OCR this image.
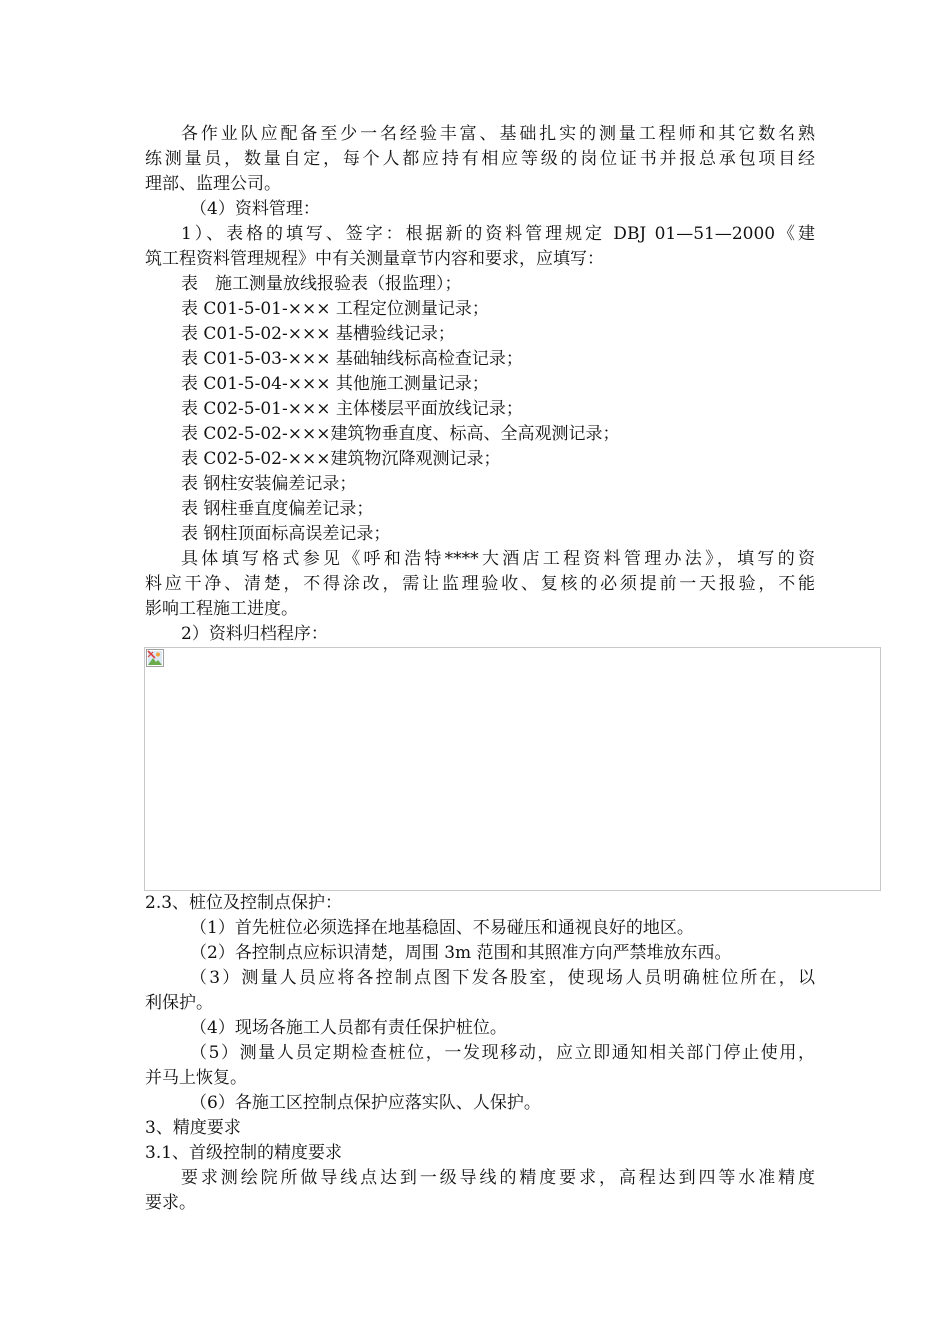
各作业队应配备至少一名经验丰富、基础扎实的测量工程师和其它数名熟
练测量员，数量自定，每个人都应持有相应等级的岗位证书并报总承包项目经
理部、监理公司。
（4）资料管理：
1）、表格的填写、签字：根据新的资料管理规定 DBJ 01—51—2000《建
筑工程资料管理规程》中有关测量章节内容和要求，应填写：
表　施工测量放线报验表（报监理）；
表 C01-5-01-××× 工程定位测量记录；
表 C01-5-02-××× 基槽验线记录；
表 C01-5-03-××× 基础轴线标高检查记录；
表 C01-5-04-××× 其他施工测量记录；
表 C02-5-01-××× 主体楼层平面放线记录；
表 C02-5-02-×××建筑物垂直度、标高、全高观测记录；
表 C02-5-02-×××建筑物沉降观测记录；
表 钢柱安装偏差记录；
表 钢柱垂直度偏差记录；
表 钢柱顶面标高误差记录；
具体填写格式参见《呼和浩特****大酒店工程资料管理办法》，填写的资
料应干净、清楚，不得涂改，需让监理验收、复核的必须提前一天报验，不能
影响工程施工进度。
2）资料归档程序：
2.3、桩位及控制点保护：
（1）首先桩位必须选择在地基稳固、不易碰压和通视良好的地区。
（2）各控制点应标识清楚，周围 3m 范围和其照准方向严禁堆放东西。
（3）测量人员应将各控制点图下发各股室，使现场人员明确桩位所在，以
利保护。
（4）现场各施工人员都有责任保护桩位。
（5）测量人员定期检查桩位，一发现移动，应立即通知相关部门停止使用，
并马上恢复。
（6）各施工区控制点保护应落实队、人保护。
3、精度要求
3.1、首级控制的精度要求
要求测绘院所做导线点达到一级导线的精度要求，高程达到四等水准精度
要求。
